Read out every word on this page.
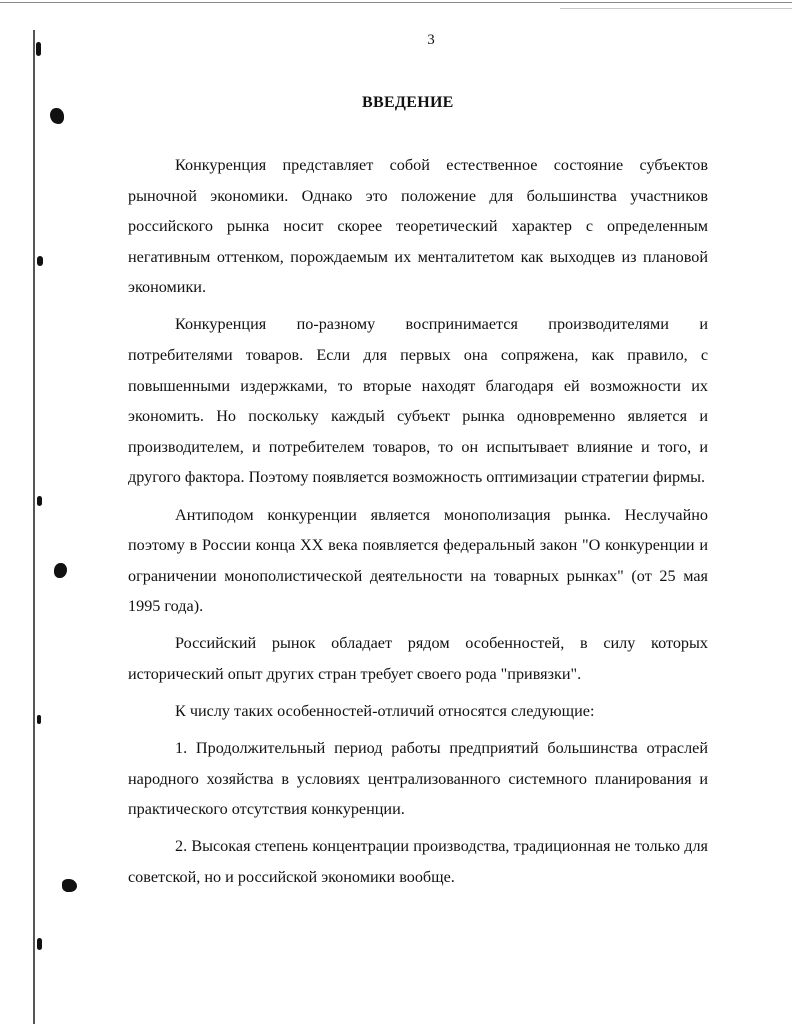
3
ВВЕДЕНИЕ

Конкуренция представляет собой естественное состояние субъектов рыночной экономики. Однако это положение для большинства участников российского рынка носит скорее теоретический характер с определенным негативным оттенком, порождаемым их менталитетом как выходцев из плановой экономики.

Конкуренция по-разному воспринимается производителями и потребителями товаров. Если для первых она сопряжена, как правило, с повышенными издержками, то вторые находят благодаря ей возможности их экономить. Но поскольку каждый субъект рынка одновременно является и производителем, и потребителем товаров, то он испытывает влияние и того, и другого фактора. Поэтому появляется возможность оптимизации стратегии фирмы.

Антиподом конкуренции является монополизация рынка. Неслучайно поэтому в России конца XX века появляется федеральный закон "О конкуренции и ограничении монополистической деятельности на товарных рынках" (от 25 мая 1995 года).

Российский рынок обладает рядом особенностей, в силу которых исторический опыт других стран требует своего рода "привязки".

К числу таких особенностей-отличий относятся следующие:

1. Продолжительный период работы предприятий большинства отраслей народного хозяйства в условиях централизованного системного планирования и практического отсутствия конкуренции.

2. Высокая степень концентрации производства, традиционная не только для советской, но и российской экономики вообще.
